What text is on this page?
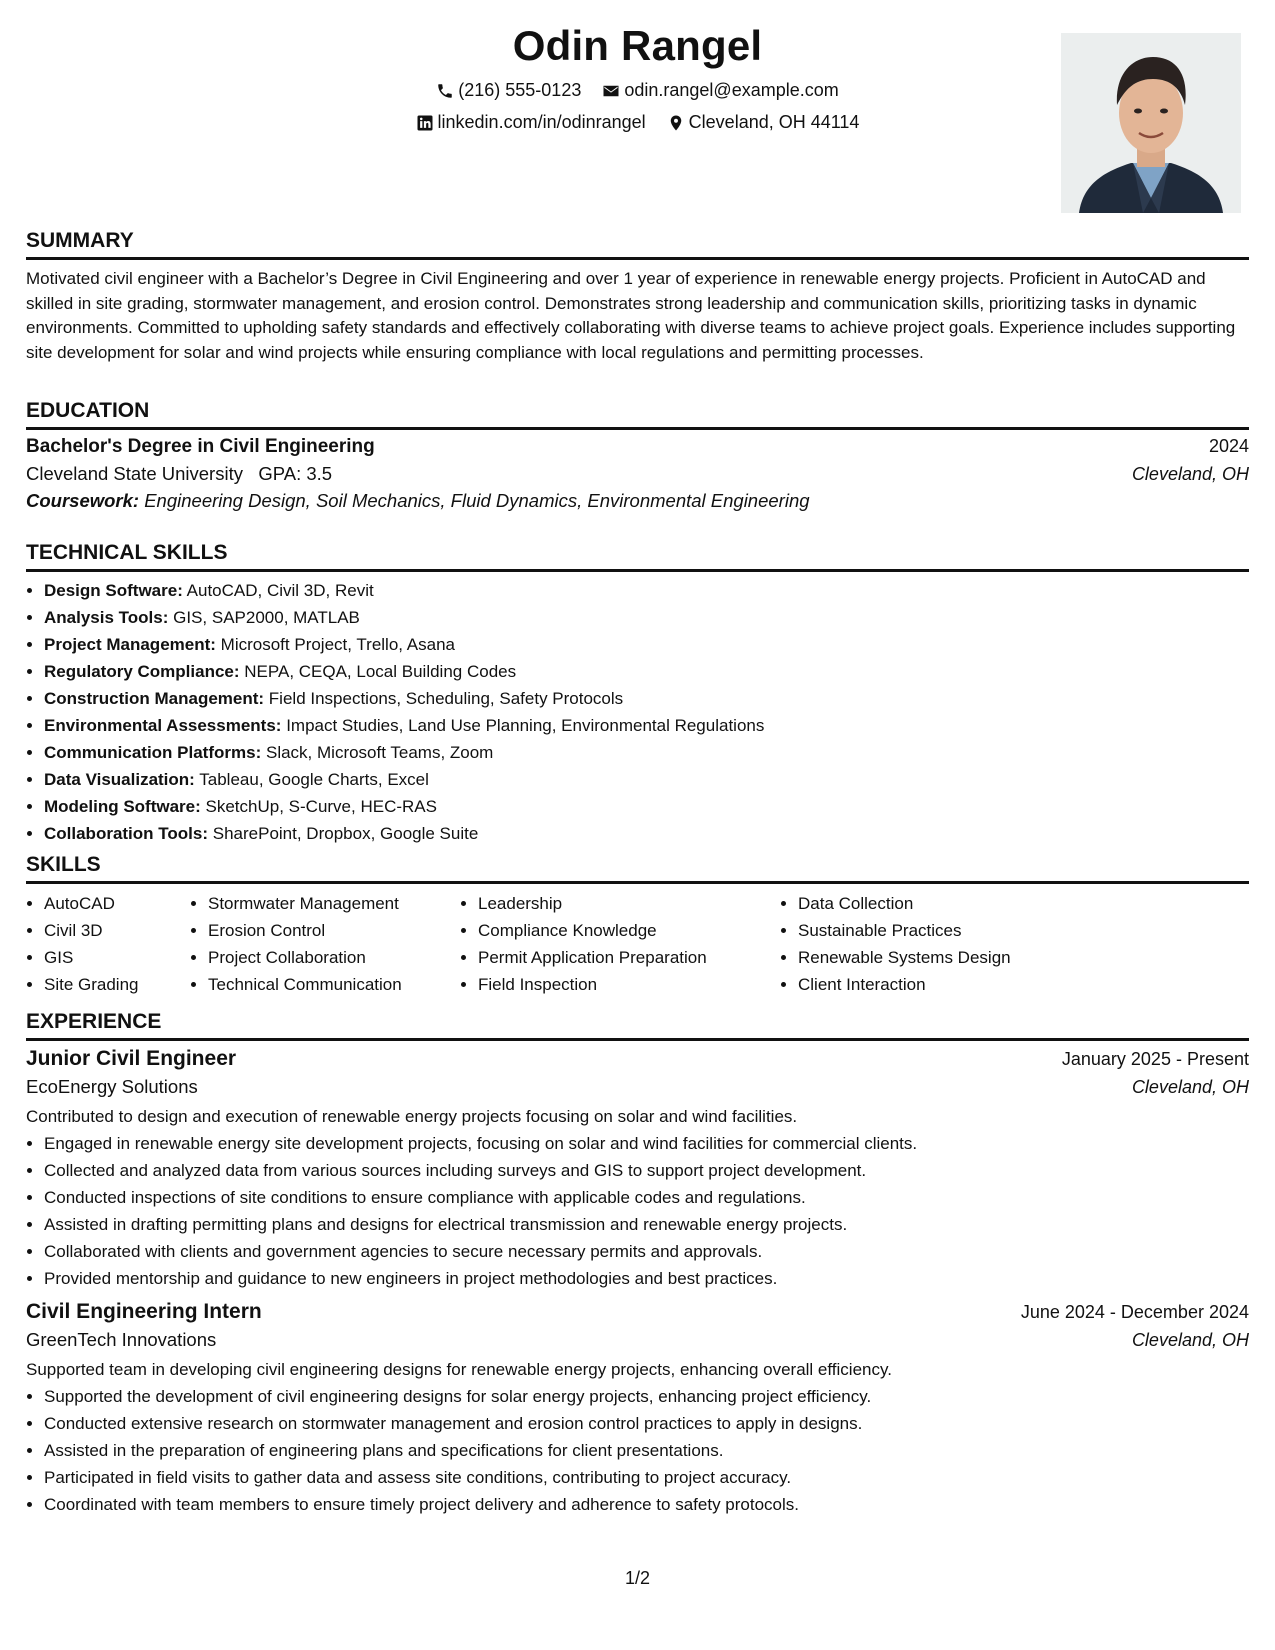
Odin Rangel
(216) 555-0123
odin.rangel@example.com
linkedin.com/in/odinrangel
Cleveland, OH 44114
SUMMARY

Motivated civil engineer with a Bachelor’s Degree in Civil Engineering and over 1 year of experience in renewable energy projects. Proficient in AutoCAD and skilled in site grading, stormwater management, and erosion control. Demonstrates strong leadership and communication skills, prioritizing tasks in dynamic environments. Committed to upholding safety standards and effectively collaborating with diverse teams to achieve project goals. Experience includes supporting site development for solar and wind projects while ensuring compliance with local regulations and permitting processes.

EDUCATION
Bachelor's Degree in Civil Engineering	2024
Cleveland State University GPA: 3.5	Cleveland, OH
Coursework: Engineering Design, Soil Mechanics, Fluid Dynamics, Environmental Engineering
TECHNICAL SKILLS
• Design Software: AutoCAD, Civil 3D, Revit
• Analysis Tools: GIS, SAP2000, MATLAB
• Project Management: Microsoft Project, Trello, Asana
• Regulatory Compliance: NEPA, CEQA, Local Building Codes
• Construction Management: Field Inspections, Scheduling, Safety Protocols
• Environmental Assessments: Impact Studies, Land Use Planning, Environmental Regulations
• Communication Platforms: Slack, Microsoft Teams, Zoom
• Data Visualization: Tableau, Google Charts, Excel
• Modeling Software: SketchUp, S-Curve, HEC-RAS
• Collaboration Tools: SharePoint, Dropbox, Google Suite
SKILLS
• AutoCAD
• Civil 3D
• GIS
• Site Grading
• Stormwater Management
• Erosion Control
• Project Collaboration
• Technical Communication
• Leadership
• Compliance Knowledge
• Permit Application Preparation
• Field Inspection
• Data Collection
• Sustainable Practices
• Renewable Systems Design
• Client Interaction
EXPERIENCE
Junior Civil Engineer	January 2025 - Present
EcoEnergy Solutions	Cleveland, OH

Contributed to design and execution of renewable energy projects focusing on solar and wind facilities.

• Engaged in renewable energy site development projects, focusing on solar and wind facilities for commercial clients.
• Collected and analyzed data from various sources including surveys and GIS to support project development.
• Conducted inspections of site conditions to ensure compliance with applicable codes and regulations.
• Assisted in drafting permitting plans and designs for electrical transmission and renewable energy projects.
• Collaborated with clients and government agencies to secure necessary permits and approvals.
• Provided mentorship and guidance to new engineers in project methodologies and best practices.
Civil Engineering Intern	June 2024 - December 2024
GreenTech Innovations	Cleveland, OH

Supported team in developing civil engineering designs for renewable energy projects, enhancing overall efficiency.

• Supported the development of civil engineering designs for solar energy projects, enhancing project efficiency.
• Conducted extensive research on stormwater management and erosion control practices to apply in designs.
• Assisted in the preparation of engineering plans and specifications for client presentations.
• Participated in field visits to gather data and assess site conditions, contributing to project accuracy.
• Coordinated with team members to ensure timely project delivery and adherence to safety protocols.
1/2
